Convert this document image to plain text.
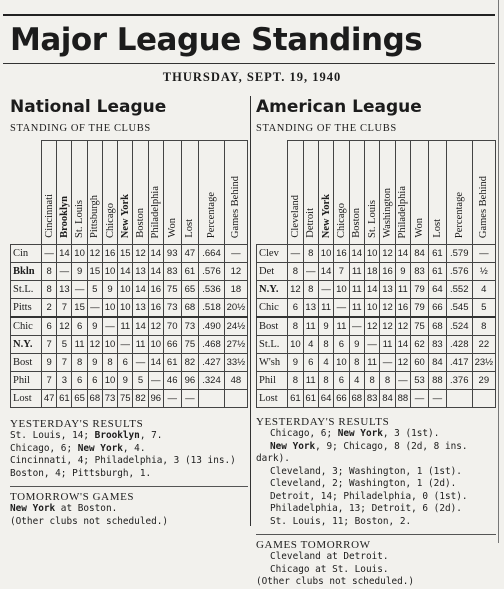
Major League Standings
THURSDAY, SEPT. 19, 1940
National League
STANDING OF THE CLUBS
	Cincinnati	Brooklyn	St. Louis	Pittsburgh	Chicago	New York	Boston	Philadelphia	Won	Lost	Percentage	Games Behind
Cin	—	14	10	12	16	15	12	14	93	47	.664	—
Bkln	8	—	9	15	10	14	13	14	83	61	.576	12
St.L.	8	13	—	5	9	10	14	16	75	65	.536	18
Pitts	2	7	15	—	10	10	13	16	73	68	.518	20½
Chic	6	12	6	9	—	11	14	12	70	73	.490	24½
N.Y.	7	5	11	12	10	—	11	10	66	75	.468	27½
Bost	9	7	8	9	8	6	—	14	61	82	.427	33½
Phil	7	3	6	6	10	9	5	—	46	96	.324	48
Lost	47	61	65	68	73	75	82	96	—	—		
YESTERDAY'S RESULTS
St. Louis, 14; Brooklyn, 7.
Chicago, 6; New York, 4.
Cincinnati, 4; Philadelphia, 3 (13 ins.)
Boston, 4; Pittsburgh, 1.
TOMORROW'S GAMES
New York at Boston.
(Other clubs not scheduled.)
American League
STANDING OF THE CLUBS
	Cleveland	Detroit	New York	Chicago	Boston	St. Louis	Washington	Philadelphia	Won	Lost	Percentage	Games Behind
Clev	—	8	10	16	14	10	12	14	84	61	.579	—
Det	8	—	14	7	11	18	16	9	83	61	.576	½
N.Y.	12	8	—	10	11	14	13	11	79	64	.552	4
Chic	6	13	11	—	11	10	12	16	79	66	.545	5
Bost	8	11	9	11	—	12	12	12	75	68	.524	8
St.L.	10	4	8	6	9	—	11	14	62	83	.428	22
W'sh	9	6	4	10	8	11	—	12	60	84	.417	23½
Phil	8	11	8	6	4	8	8	—	53	88	.376	29
Lost	61	61	64	66	68	83	84	88	—	—		
YESTERDAY'S RESULTS
Chicago, 6; New York, 3 (1st).
New York, 9; Chicago, 8 (2d, 8 ins.
dark).
Cleveland, 3; Washington, 1 (1st).
Cleveland, 2; Washington, 1 (2d).
Detroit, 14; Philadelphia, 0 (1st).
Philadelphia, 13; Detroit, 6 (2d).
St. Louis, 11; Boston, 2.
GAMES TOMORROW
Cleveland at Detroit.
Chicago at St. Louis.
(Other clubs not scheduled.)
